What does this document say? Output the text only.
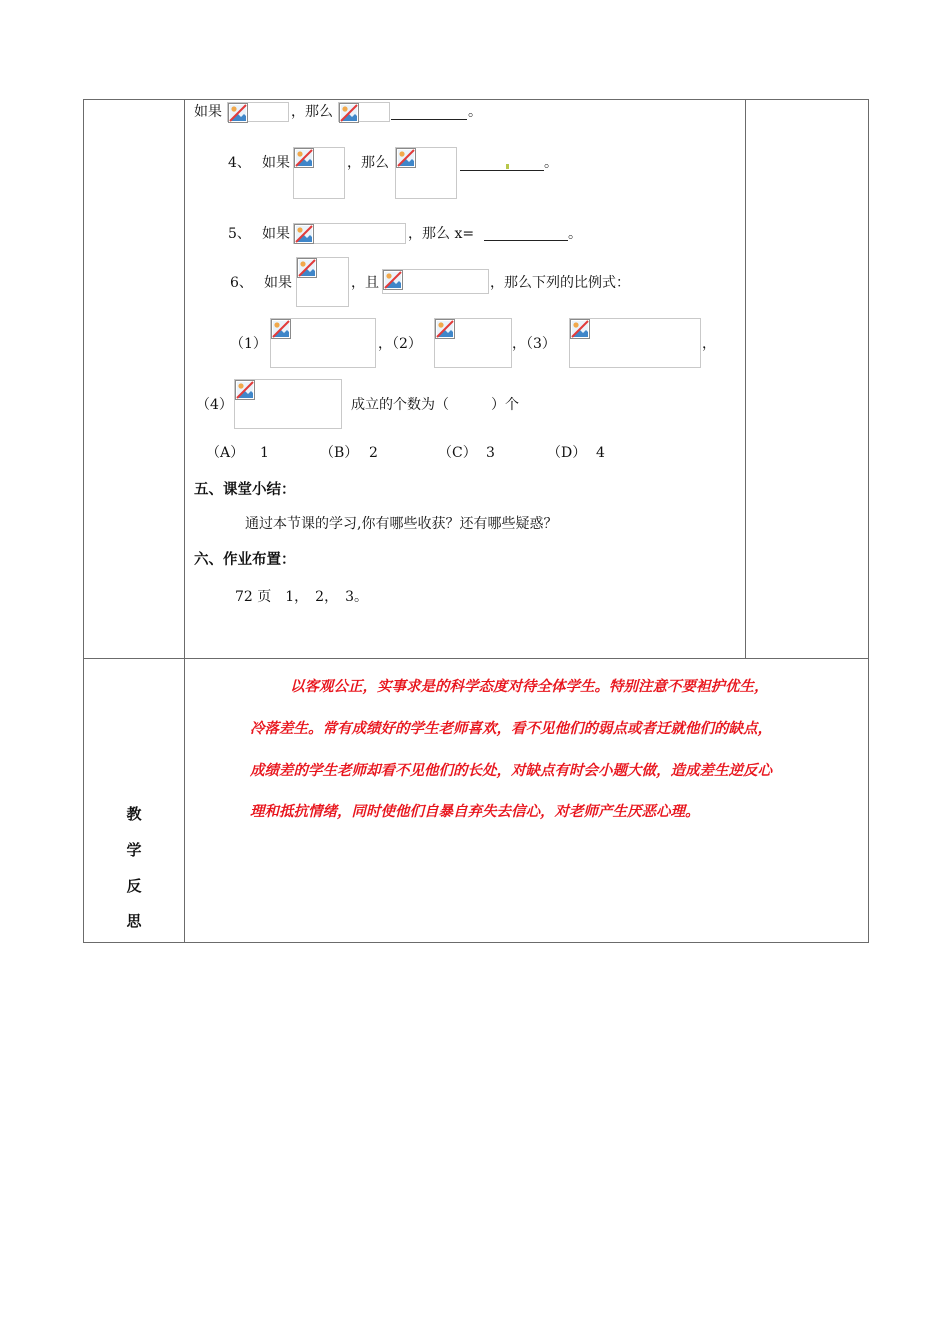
如果	，那么	。
4、 如果	，那么	。
5、 如果	，那么 x=	。
6、 如果	，且	，那么下列的比例式：
（1）	，（2）	，（3）	，
（4）	成立的个数为（　　　）个
（A） 1	（B） 2	（C） 3	（D） 4
五、课堂小结：
通过本节课的学习,你有哪些收获？还有哪些疑惑？
六、作业布置：
72 页　1，　2，　3。
教
学
反
思
以客观公正，实事求是的科学态度对待全体学生。特别注意不要袒护优生，
冷落差生。常有成绩好的学生老师喜欢，看不见他们的弱点或者迁就他们的缺点，
成绩差的学生老师却看不见他们的长处，对缺点有时会小题大做，造成差生逆反心
理和抵抗情绪，同时使他们自暴自弃失去信心，对老师产生厌恶心理。
